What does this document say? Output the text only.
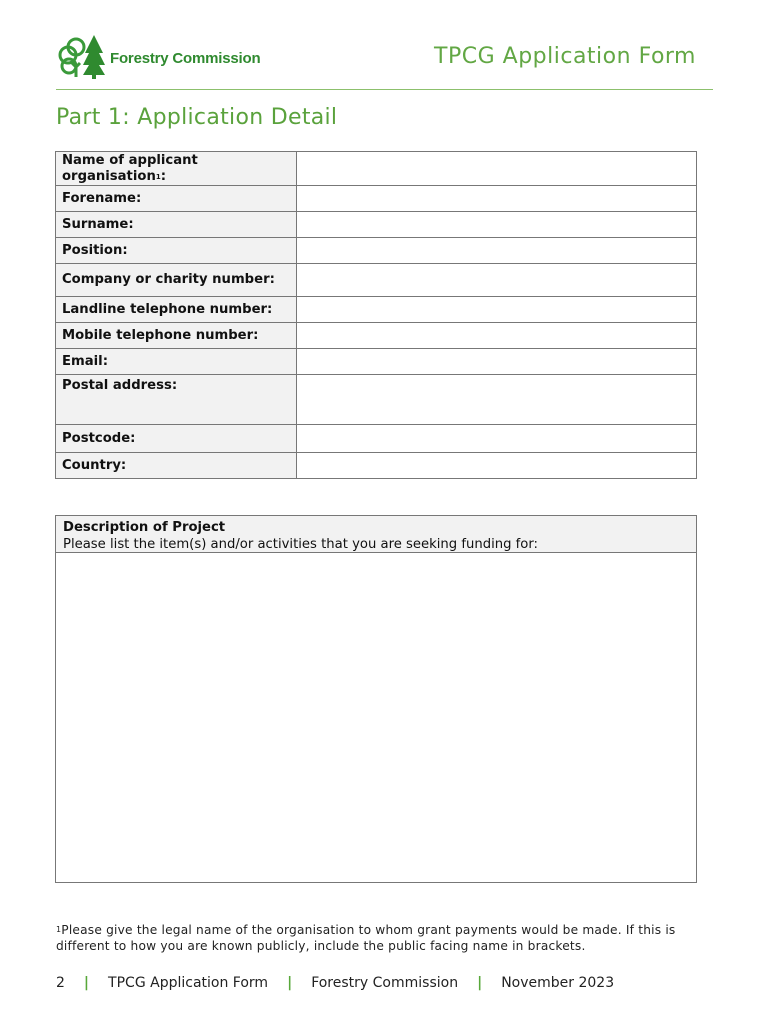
Forestry Commission	TPCG Application Form
Part 1: Application Detail
Name of applicant organisation$^1$:	
Forename:	
Surname:	
Position:	
Company or charity number:	
Landline telephone number:	
Mobile telephone number:	
Email:	
Postal address:	
Postcode:	
Country:	
Description of Project
Please list the item(s) and/or activities that you are seeking funding for:
$^1$Please give the legal name of the organisation to whom grant payments would be made. If this is different to how you are known publicly, include the public facing name in brackets.
2 | TPCG Application Form | Forestry Commission | November 2023
